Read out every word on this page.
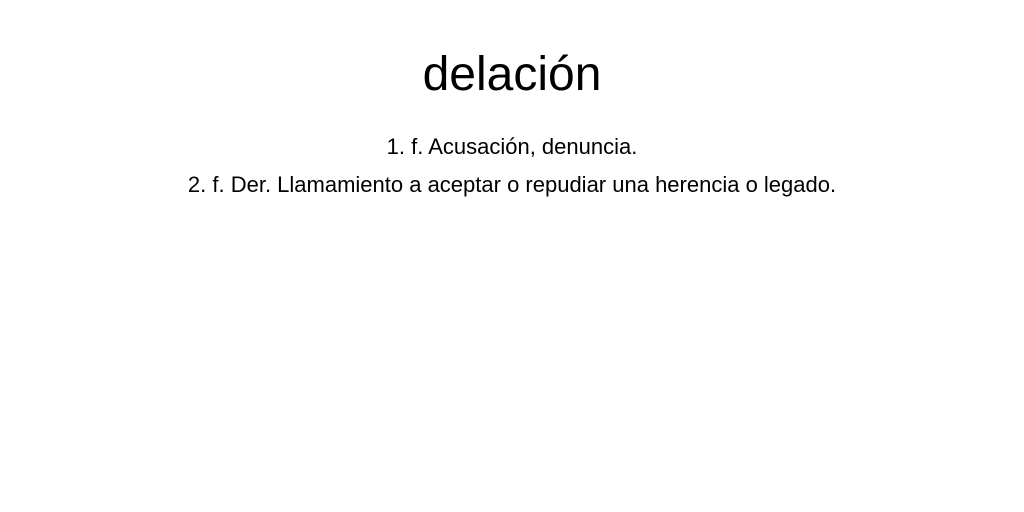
delación
1. f. Acusación, denuncia.
2. f. Der. Llamamiento a aceptar o repudiar una herencia o legado.
